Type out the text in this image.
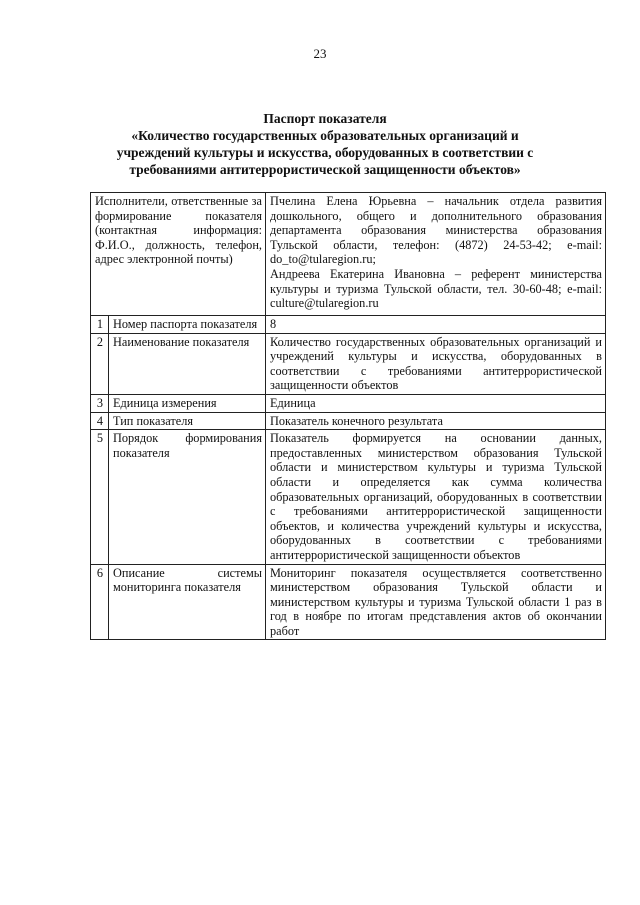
23
Паспорт показателя
«Количество государственных образовательных организаций и
учреждений культуры и искусства, оборудованных в соответствии с
требованиями антитеррористической защищенности объектов»
Исполнители, ответственные за формирование показателя (контактная информация: Ф.И.О., должность, телефон, адрес электронной почты)		Пчелина Елена Юрьевна – начальник отдела развития дошкольного, общего и дополнительного образования департамента образования министерства образования Тульской области, телефон: (4872) 24-53-42; e-mail: do_to@tularegion.ru;
Андреева Екатерина Ивановна – референт министерства культуры и туризма Тульской области, тел. 30-60-48; e-mail: culture@tularegion.ru

1	Номер паспорта показателя	8
2	Наименование показателя	Количество государственных образовательных организаций и учреждений культуры и искусства, оборудованных в соответствии с требованиями антитеррористической защищенности объектов
3	Единица измерения	Единица
4	Тип показателя	Показатель конечного результата
5	Порядок формирования показателя	Показатель формируется на основании данных, предоставленных министерством образования Тульской области и министерством культуры и туризма Тульской области и определяется как сумма количества образовательных организаций, оборудованных в соответствии с требованиями антитеррористической защищенности объектов, и количества учреждений культуры и искусства, оборудованных в соответствии с требованиями антитеррористической защищенности объектов
6	Описание системы мониторинга показателя	Мониторинг показателя осуществляется соответственно министерством образования Тульской области и министерством культуры и туризма Тульской области 1 раз в год в ноябре по итогам представления актов об окончании работ
